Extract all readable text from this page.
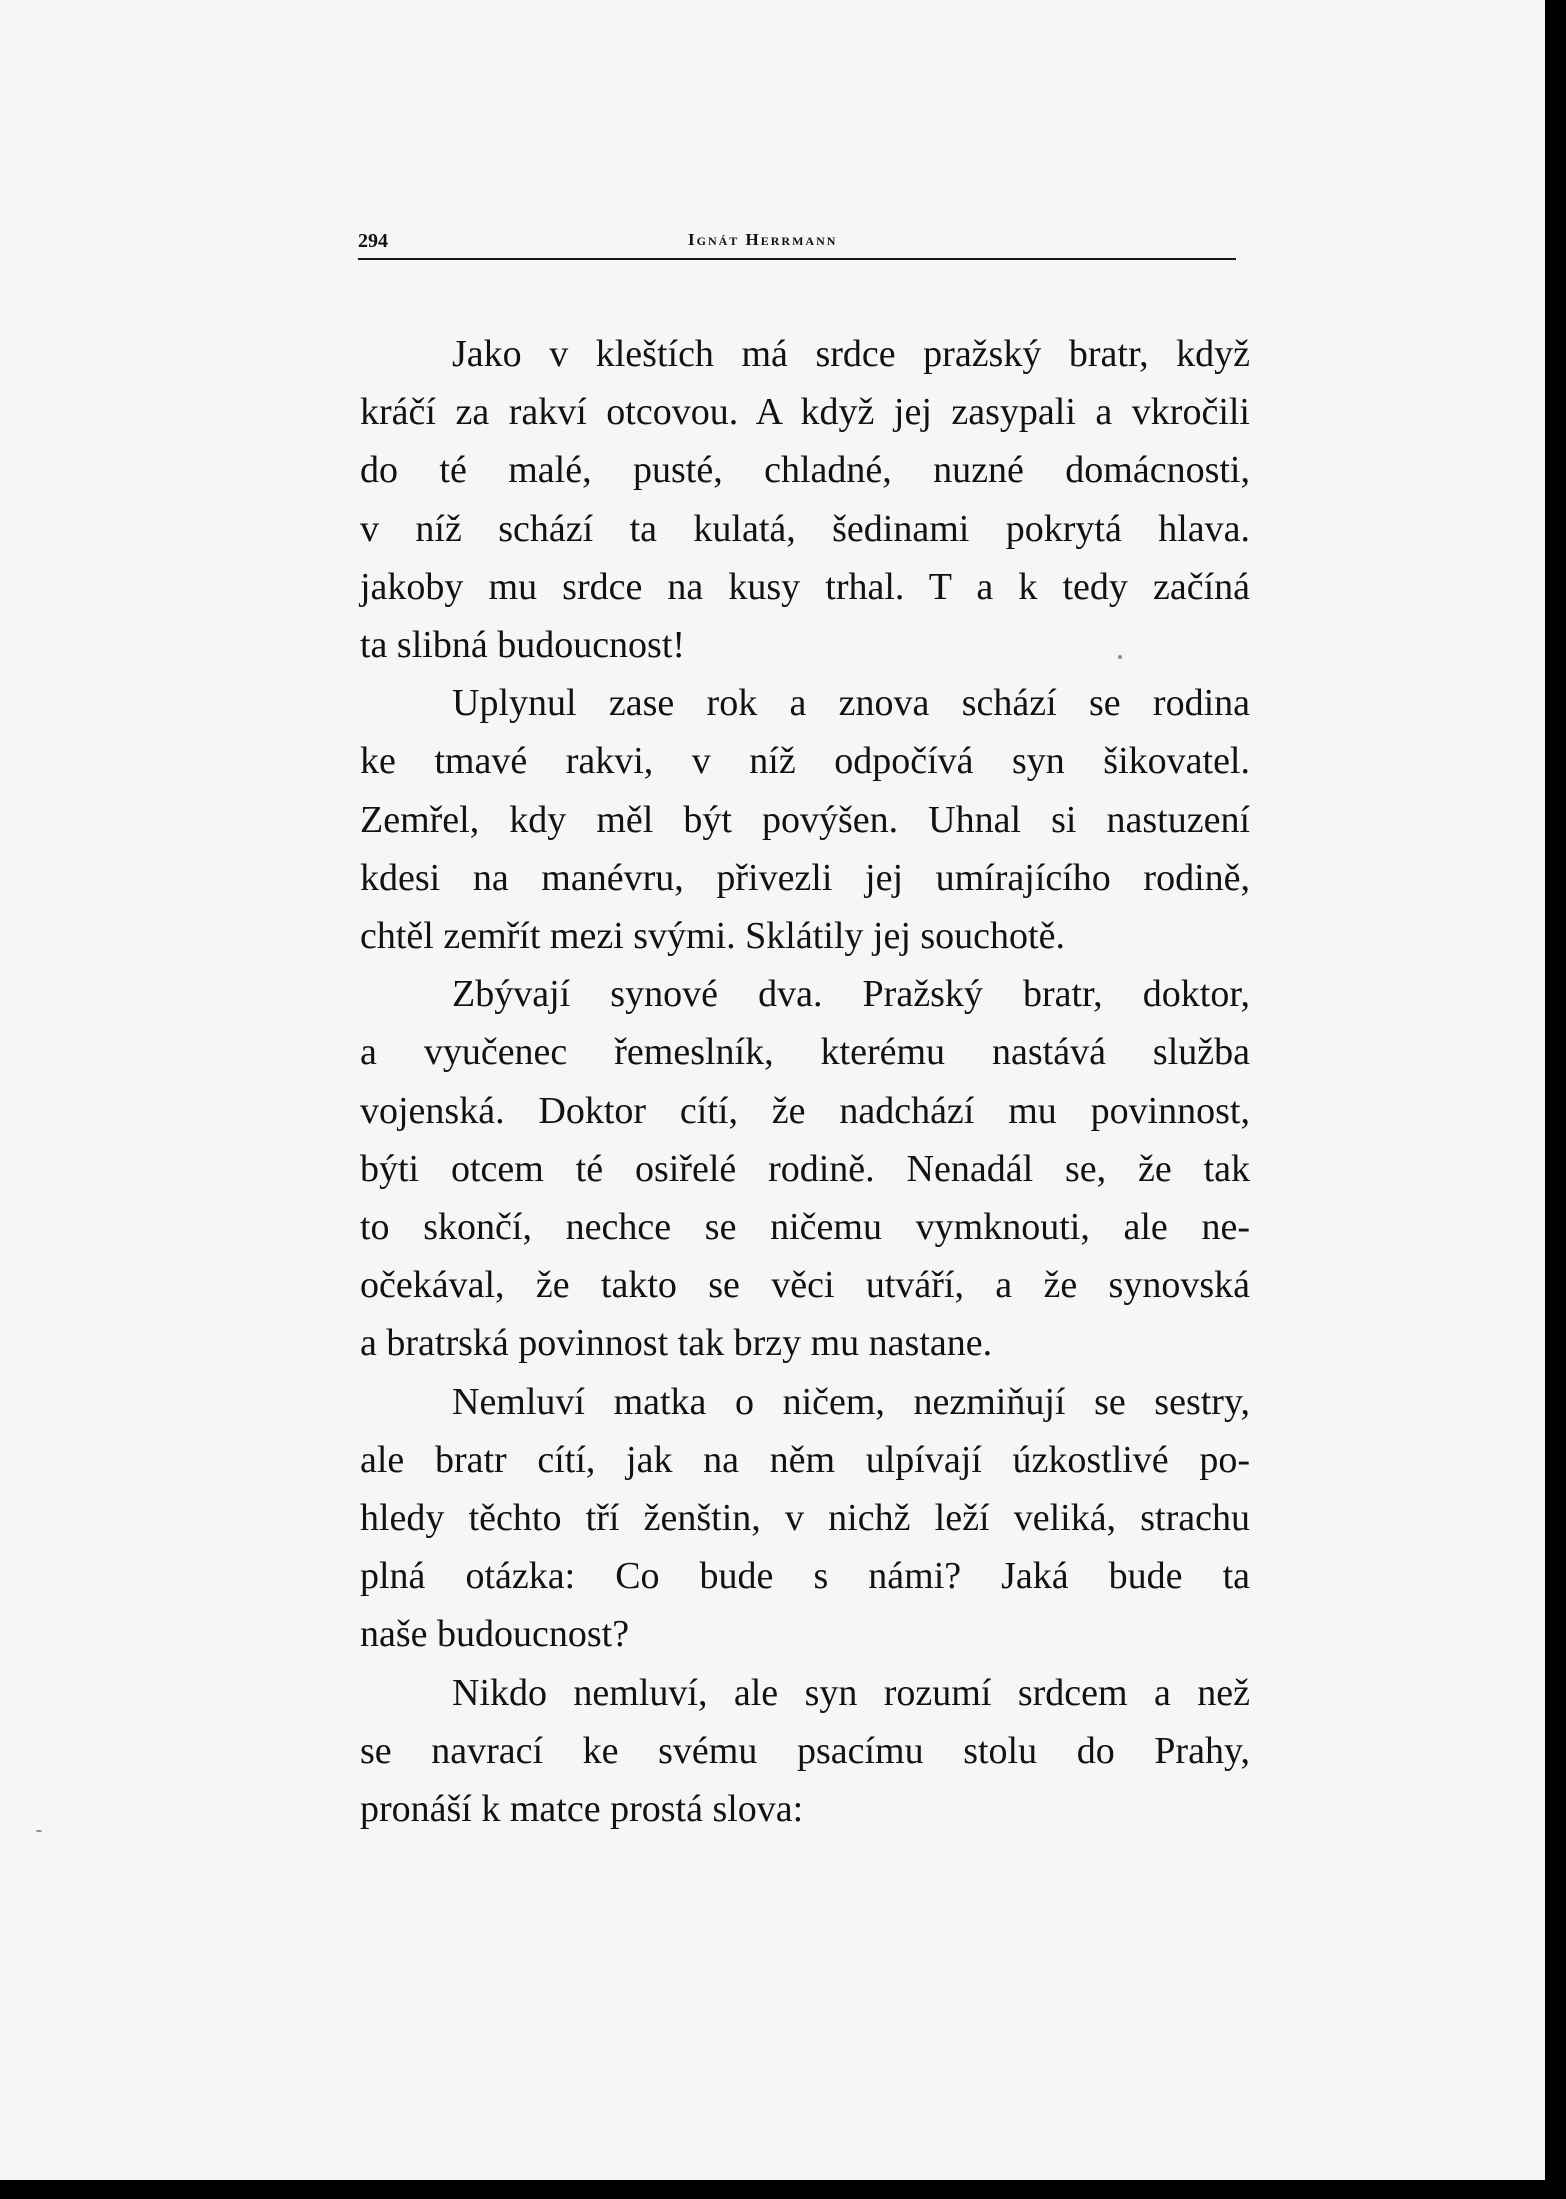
294	Ignát Herrmann
Jako v kleštích má srdce pražský bratr, když
kráčí za rakví otcovou. A když jej zasypali a vkročili
do té malé, pusté, chladné, nuzné domácnosti,
v níž schází ta kulatá, šedinami pokrytá hlava.
jakoby mu srdce na kusy trhal. T a k tedy začíná
ta slibná budoucnost!
Uplynul zase rok a znova schází se rodina
ke tmavé rakvi, v níž odpočívá syn šikovatel.
Zemřel, kdy měl být povýšen. Uhnal si nastuzení
kdesi na manévru, přivezli jej umírajícího rodině,
chtěl zemřít mezi svými. Sklátily jej souchotě.
Zbývají synové dva. Pražský bratr, doktor,
a vyučenec řemeslník, kterému nastává služba
vojenská. Doktor cítí, že nadchází mu povinnost,
býti otcem té osiřelé rodině. Nenadál se, že tak
to skončí, nechce se ničemu vymknouti, ale ne-
očekával, že takto se věci utváří, a že synovská
a bratrská povinnost tak brzy mu nastane.
Nemluví matka o ničem, nezmiňují se sestry,
ale bratr cítí, jak na něm ulpívají úzkostlivé po-
hledy těchto tří ženštin, v nichž leží veliká, strachu
plná otázka: Co bude s námi? Jaká bude ta
naše budoucnost?
Nikdo nemluví, ale syn rozumí srdcem a než
se navrací ke svému psacímu stolu do Prahy,
pronáší k matce prostá slova:
